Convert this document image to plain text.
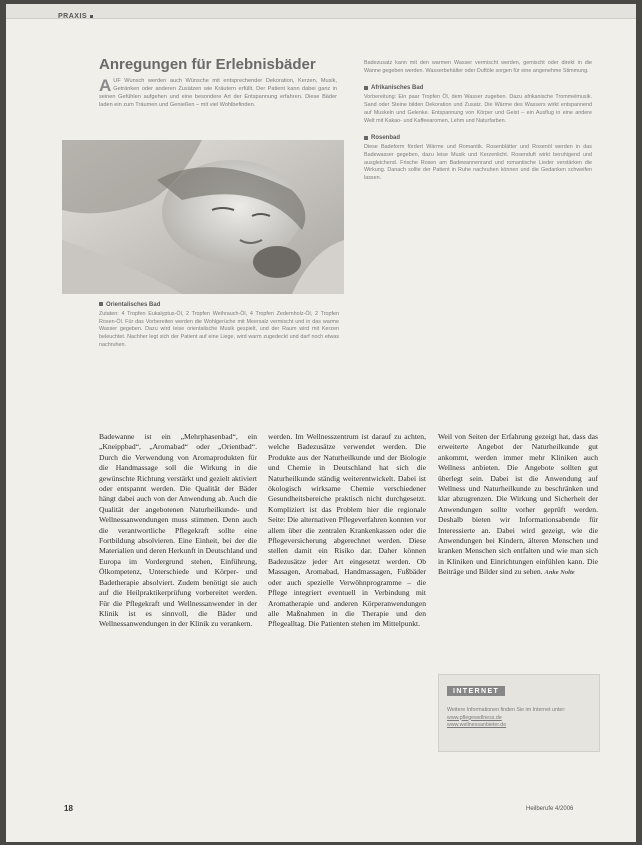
PRAXIS
Anregungen für Erlebnisbäder
A UF Wunsch werden auch Wünsche mit entsprechender Dekoration, Kerzen, Musik, Getränken oder anderen Zusätzen wie Kräutern erfüllt. Der Patient kann dabei ganz in seinen Gefühlen aufgehen und eine besondere Art der Entspannung erfahren. Diese Bäder laden ein zum Träumen und Genießen – mit viel Wohlbefinden.
Orientalisches Bad
Zutaten: 4 Tropfen Eukalyptus-Öl, 2 Tropfen Weihrauch-Öl, 4 Tropfen Zedernholz-Öl, 2 Tropfen Rosen-Öl. Für das Vorbereiten werden die Wohlgerüche mit Meersalz vermischt und in das warme Wasser gegeben. Dazu wird leise orientalische Musik gespielt, und der Raum wird mit Kerzen beleuchtet. Nachher legt sich der Patient auf eine Liege, wird warm zugedeckt und darf noch etwas nachruhen.
Badezusatz kann mit den warmen Wasser vermischt werden, gemischt oder direkt in die Wanne gegeben werden. Wasserbehälter oder Duftöle sorgen für eine angenehme Stimmung.
Afrikanisches Bad
Vorbereitung: Ein paar Tropfen Öl, dem Wasser zugeben. Dazu afrikanische Trommelmusik. Sand oder Steine bilden Dekoration und Zusatz. Die Wärme des Wassers wirkt entspannend auf Muskeln und Gelenke. Entspannung von Körper und Geist – ein Ausflug in eine andere Welt mit Kakao- und Kaffeearomen, Lehm und Naturfarben.
Rosenbad
Diese Badeform fördert Wärme und Romantik. Rosenblätter und Rosenöl werden in das Badewasser gegeben, dazu leise Musik und Kerzenlicht. Rosenduft wirkt beruhigend und ausgleichend. Frische Rosen am Badewannenrand und romantische Lieder verstärken die Wirkung. Danach sollte der Patient in Ruhe nachruhen können und die Gedanken schweifen lassen.
Badewanne ist ein „Mehrphasenbad“, ein „Kneippbad“, „Aromabad“ oder „Orientbad“. Durch die Verwendung von Aromaprodukten für die Handmassage soll die Wirkung in die gewünschte Richtung verstärkt und gezielt aktiviert oder entspannt werden. Die Qualität der Bäder hängt dabei auch von der Anwendung ab. Auch die Qualität der angebotenen Naturheilkunde- und Wellnessanwendungen muss stimmen. Denn auch die verantwortliche Pflegekraft sollte eine Fortbildung absolvieren. Eine Einheit, bei der die Materialien und deren Herkunft in Deutschland und Europa im Vordergrund stehen, Einführung, Ölkompetenz, Unterschiede und Körper- und Badetherapie absolviert. Zudem benötigt sie auch auf die Heilpraktikerprüfung vorbereitet werden. Für die Pflegekraft und Wellnessanwender in der Klinik ist es sinnvoll, die Bäder und Wellnessanwendungen in der Klinik zu verankern.
werden. Im Wellnesszentrum ist darauf zu achten, welche Badezusätze verwendet werden. Die Produkte aus der Naturheilkunde und der Biologie und Chemie in Deutschland hat sich die Naturheilkunde ständig weiterentwickelt. Dabei ist ökologisch wirksame Chemie verschiedener Gesundheitsbereiche praktisch nicht durchgesetzt. Kompliziert ist das Problem hier die regionale Seite: Die alternativen Pflegeverfahren konnten vor allem über die zentralen Krankenkassen oder die Pflegeversicherung abgerechnet werden. Diese stellen damit ein Risiko dar. Daher können Badezusätze jeder Art eingesetzt werden. Ob Massagen, Aromabad, Handmassagen, Fußbäder oder auch spezielle Verwöhnprogramme – die Pflege integriert eventuell in Verbindung mit Aromatherapie und anderen Körperanwendungen alle Maßnahmen in die Therapie und den Pflegealltag. Die Patienten stehen im Mittelpunkt.
Weil von Seiten der Erfahrung gezeigt hat, dass das erweiterte Angebot der Naturheilkunde gut ankommt, werden immer mehr Kliniken auch Wellness anbieten. Die Angebote sollten gut überlegt sein. Dabei ist die Anwendung auf Wellness und Naturheilkunde zu beschränken und klar abzugrenzen. Die Wirkung und Sicherheit der Anwendungen sollte vorher geprüft werden. Deshalb bieten wir Informationsabende für Interessierte an. Dabei wird gezeigt, wie die Anwendungen bei Kindern, älteren Menschen und kranken Menschen sich entfalten und wie man sich in Kliniken und Einrichtungen einfühlen kann. Die Beiträge und Bilder sind zu sehen. Anke Nolte
INTERNET
Weitere Informationen finden Sie im Internet unter:
www.pflegewellness.de
www.wellnessanbieter.de
18	Heilberufe 4/2006
